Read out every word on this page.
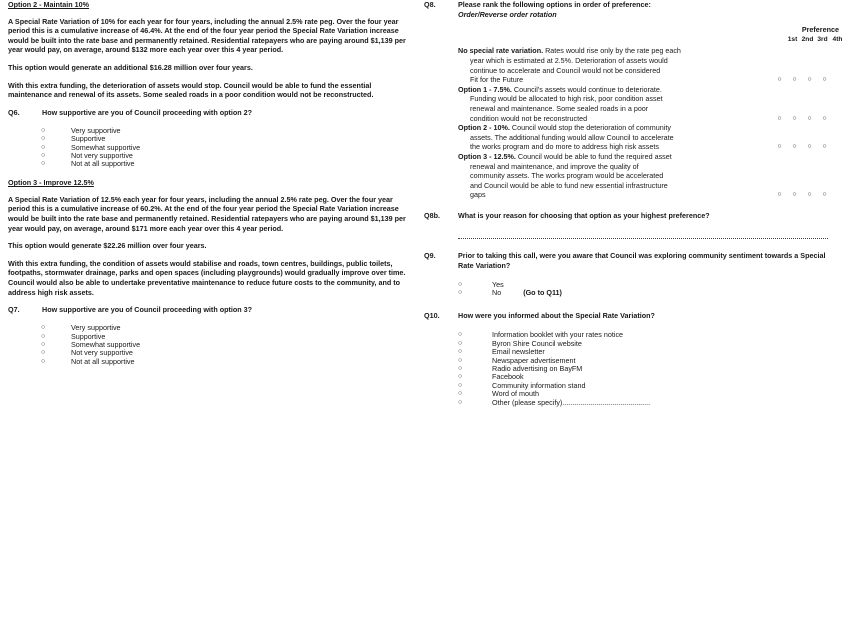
Option 2 - Maintain 10%

A Special Rate Variation of 10% for each year for four years, including the annual 2.5% rate peg. Over the four year period this is a cumulative increase of 46.4%. At the end of the four year period the Special Rate Variation increase would be built into the rate base and permanently retained. Residential ratepayers who are paying around $1,139 per year would pay, on average, around $132 more each year over this 4 year period.

This option would generate an additional $16.28 million over four years.

With this extra funding, the deterioration of assets would stop. Council would be able to fund the essential maintenance and renewal of its assets. Some sealed roads in a poor condition would not be reconstructed.

Q6.	How supportive are you of Council proceeding with option 2?
○	Very supportive
○	Supportive
○	Somewhat supportive
○	Not very supportive
○	Not at all supportive
Option 3 - Improve 12.5%

A Special Rate Variation of 12.5% each year for four years, including the annual 2.5% rate peg. Over the four year period this is a cumulative increase of 60.2%. At the end of the four year period the Special Rate Variation increase would be built into the rate base and permanently retained. Residential ratepayers who are paying around $1,139 per year would pay, on average, around $171 more each year over this 4 year period.

This option would generate $22.26 million over four years.

With this extra funding, the condition of assets would stabilise and roads, town centres, buildings, public toilets, footpaths, stormwater drainage, parks and open spaces (including playgrounds) would gradually improve over time. Council would also be able to undertake preventative maintenance to reduce future costs to the community, and to address high risk assets.

Q7.	How supportive are you of Council proceeding with option 3?
○	Very supportive
○	Supportive
○	Somewhat supportive
○	Not very supportive
○	Not at all supportive
Q8.	Please rank the following options in order of preference:
Order/Reverse order rotation
Preference
1st 2nd 3rd 4th
No special rate variation. Rates would rise only by the rate peg each
year which is estimated at 2.5%. Deterioration of assets would
continue to accelerate and Council would not be considered
Fit for the Future	○	○	○	○
Option 1 - 7.5%. Council's assets would continue to deteriorate.
Funding would be allocated to high risk, poor condition asset
renewal and maintenance. Some sealed roads in a poor
condition would not be reconstructed	○	○	○	○
Option 2 - 10%. Council would stop the deterioration of community
assets. The additional funding would allow Council to accelerate
the works program and do more to address high risk assets	○	○	○	○
Option 3 - 12.5%. Council would be able to fund the required asset
renewal and maintenance, and improve the quality of
community assets. The works program would be accelerated
and Council would be able to fund new essential infrastructure
gaps	○	○	○	○
Q8b.	What is your reason for choosing that option as your highest preference?
Q9.	Prior to taking this call, were you aware that Council was exploring community sentiment towards a Special Rate Variation?
○	Yes
○	No	(Go to Q11)
Q10.	How were you informed about the Special Rate Variation?
○	Information booklet with your rates notice
○	Byron Shire Council website
○	Email newsletter
○	Newspaper advertisement
○	Radio advertising on BayFM
○	Facebook
○	Community information stand
○	Word of mouth
○	Other (please specify)............................................
